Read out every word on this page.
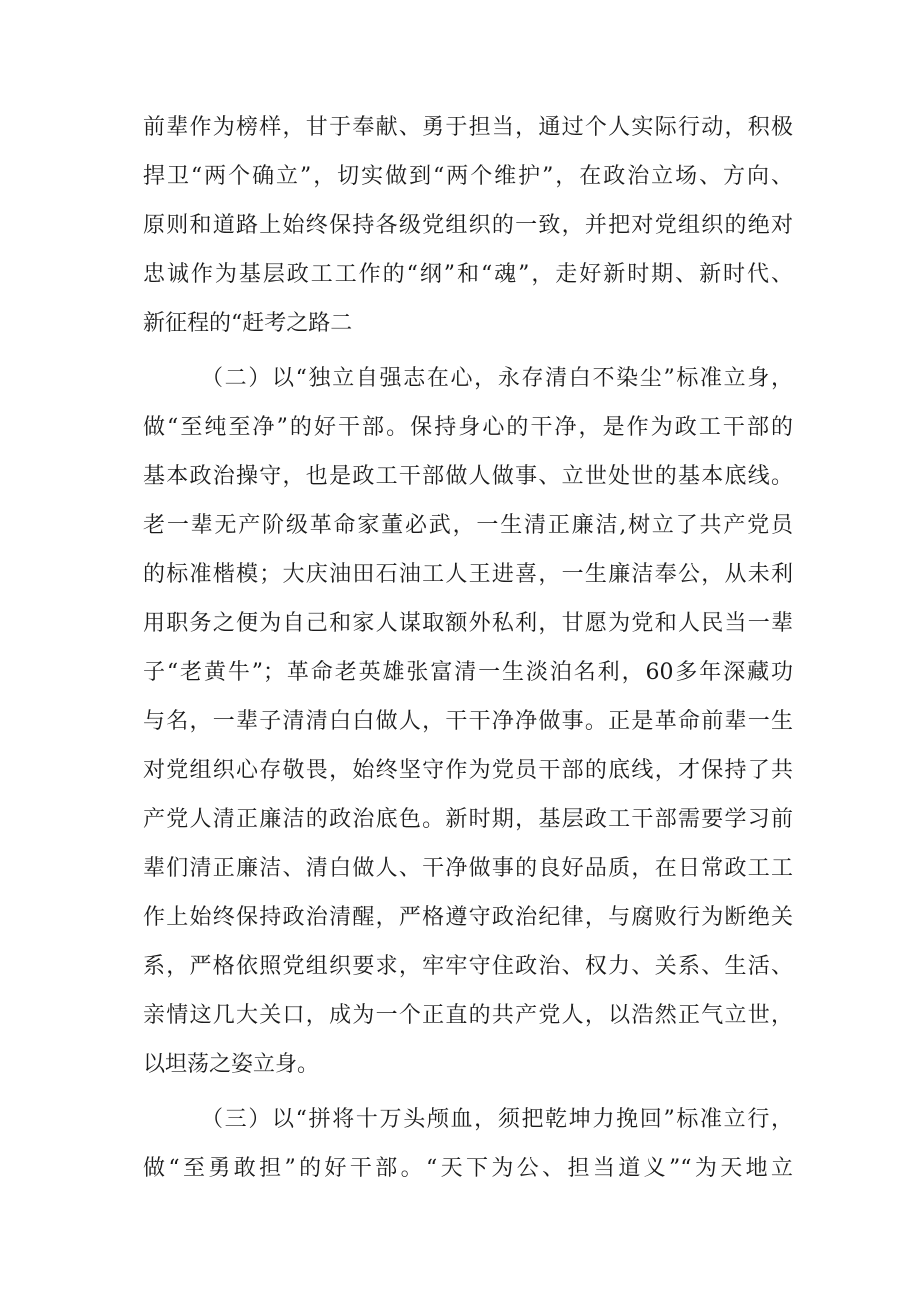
前辈作为榜样，甘于奉献、勇于担当，通过个人实际行动，积极
捍卫“两个确立”，切实做到“两个维护”，在政治立场、方向、
原则和道路上始终保持各级党组织的一致，并把对党组织的绝对
忠诚作为基层政工工作的“纲”和“魂”，走好新时期、新时代、
新征程的“赶考之路二
（二）以“独立自强志在心，永存清白不染尘”标准立身，
做“至纯至净”的好干部。保持身心的干净，是作为政工干部的
基本政治操守，也是政工干部做人做事、立世处世的基本底线。
老一辈无产阶级革命家董必武，一生清正廉洁,树立了共产党员
的标准楷模；大庆油田石油工人王进喜，一生廉洁奉公，从未利
用职务之便为自己和家人谋取额外私利，甘愿为党和人民当一辈
子“老黄牛”；革命老英雄张富清一生淡泊名利，60多年深藏功
与名，一辈子清清白白做人，干干净净做事。正是革命前辈一生
对党组织心存敬畏，始终坚守作为党员干部的底线，才保持了共
产党人清正廉洁的政治底色。新时期，基层政工干部需要学习前
辈们清正廉洁、清白做人、干净做事的良好品质，在日常政工工
作上始终保持政治清醒，严格遵守政治纪律，与腐败行为断绝关
系，严格依照党组织要求，牢牢守住政治、权力、关系、生活、
亲情这几大关口，成为一个正直的共产党人，以浩然正气立世，
以坦荡之姿立身。
（三）以“拼将十万头颅血，须把乾坤力挽回”标准立行，
做“至勇敢担”的好干部。“天下为公、担当道义”“为天地立
